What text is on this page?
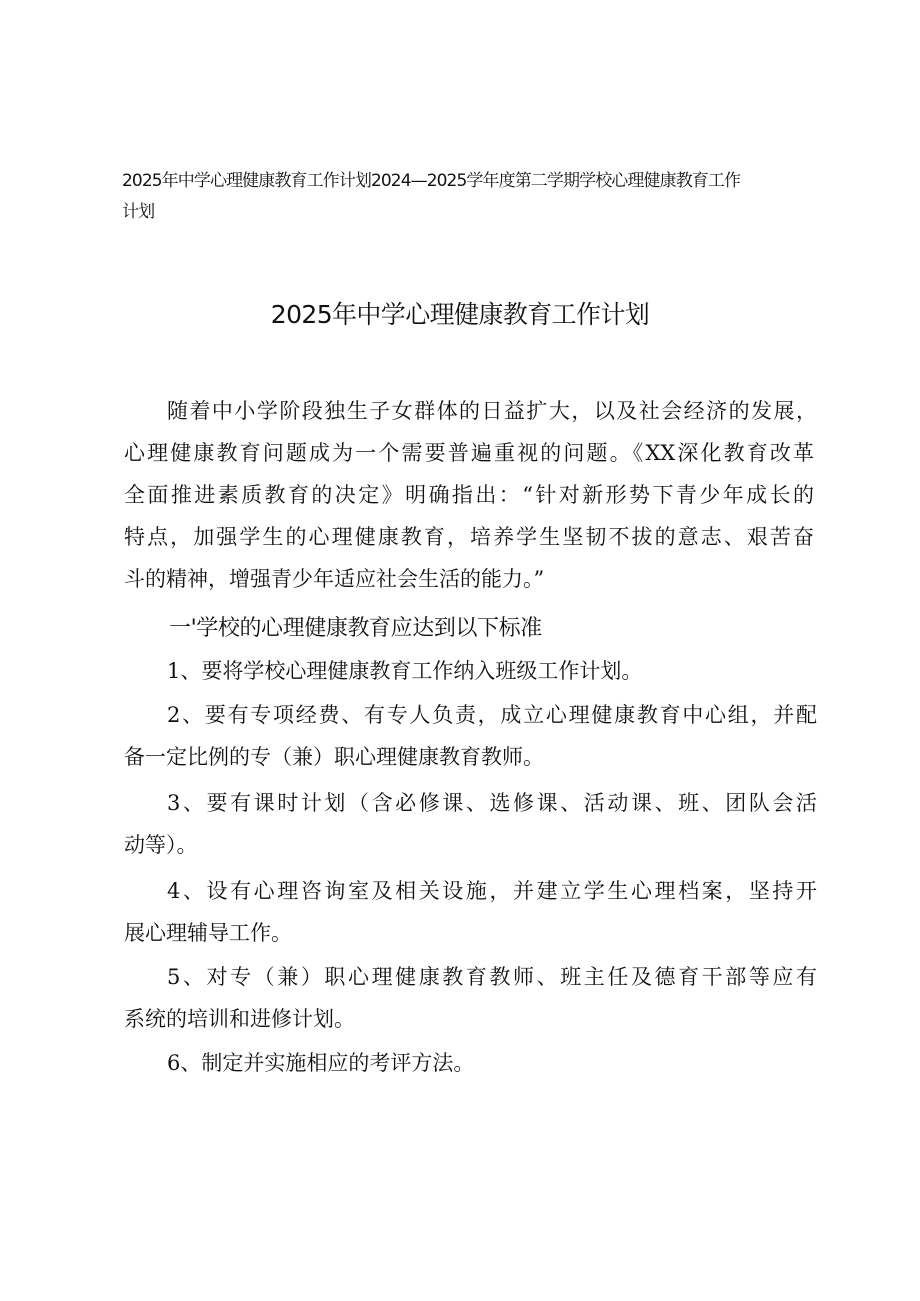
2025年中学心理健康教育工作计划2024—2025学年度第二学期学校心理健康教育工作
计划
2025年中学心理健康教育工作计划
随着中小学阶段独生子女群体的日益扩大，以及社会经济的发展，
心理健康教育问题成为一个需要普遍重视的问题。《XX深化教育改革
全面推进素质教育的决定》明确指出：“针对新形势下青少年成长的
特点，加强学生的心理健康教育，培养学生坚韧不拔的意志、艰苦奋
斗的精神，增强青少年适应社会生活的能力。”
一'学校的心理健康教育应达到以下标准
1、要将学校心理健康教育工作纳入班级工作计划。
2、要有专项经费、有专人负责，成立心理健康教育中心组，并配
备一定比例的专（兼）职心理健康教育教师。
3、要有课时计划（含必修课、选修课、活动课、班、团队会活
动等）。
4、设有心理咨询室及相关设施，并建立学生心理档案，坚持开
展心理辅导工作。
5、对专（兼）职心理健康教育教师、班主任及德育干部等应有
系统的培训和进修计划。
6、制定并实施相应的考评方法。
